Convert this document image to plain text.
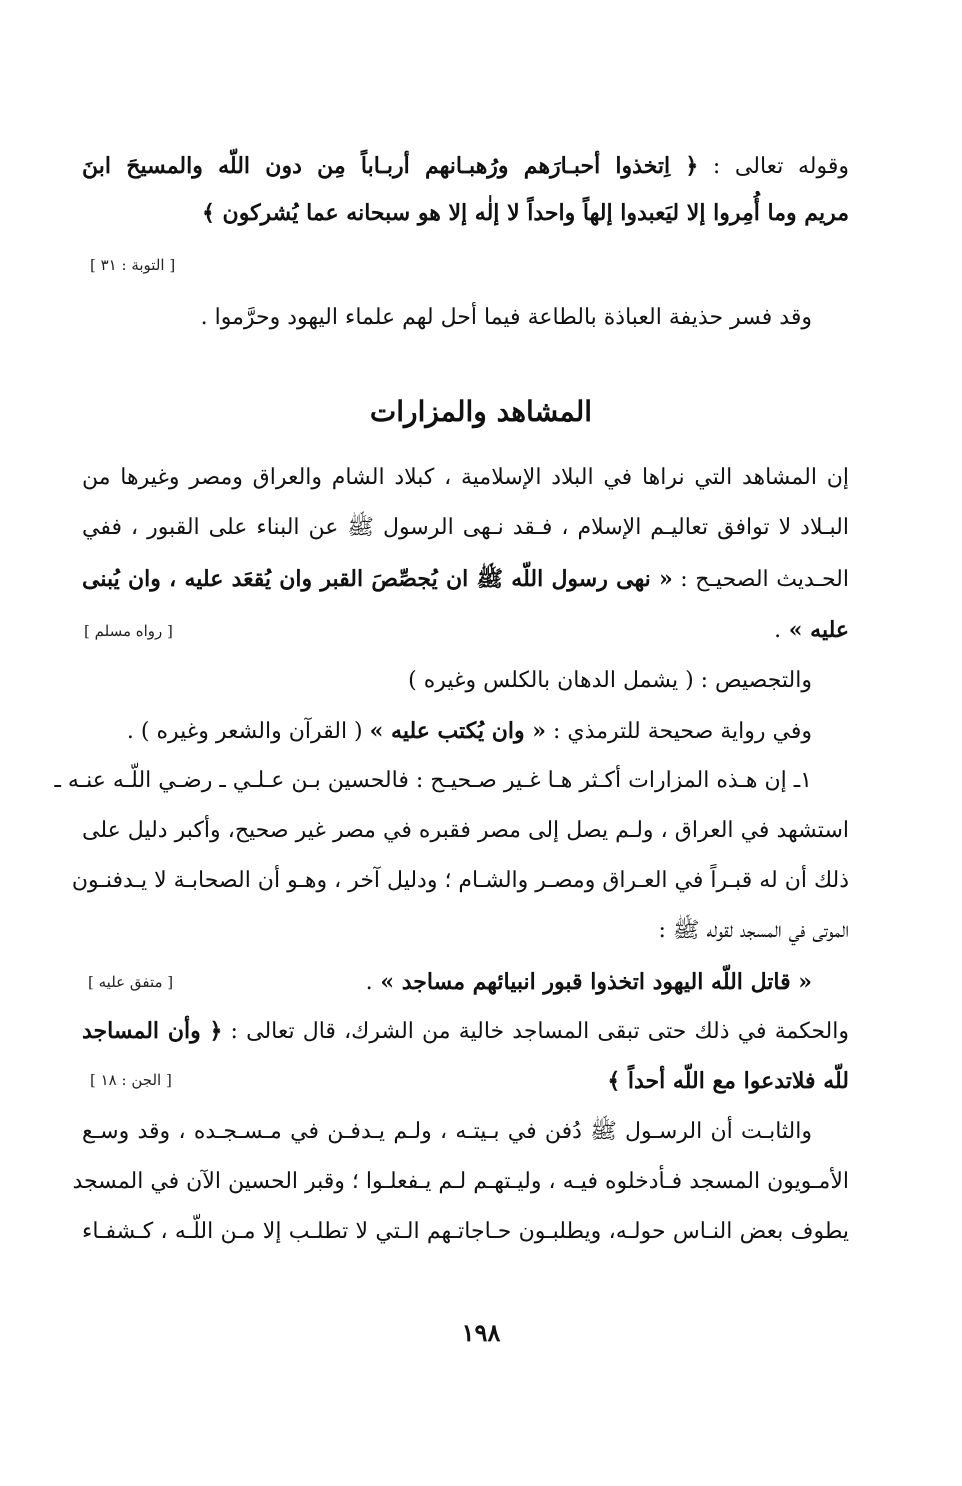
وقوله تعالى : ﴿ اِتخذوا أحبـارَهم ورُهبـانهم أربـاباً مِن دون اللّه والمسيحَ ابنَ
مريم وما أُمِروا إلا ليَعبدوا إلهاً واحداً لا إلٰه إلا هو سبحانه عما يُشركون ﴾
[ التوبة : ٣١ ]
وقد فسر حذيفة العباذة بالطاعة فيما أحل لهم علماء اليهود وحرَّموا .
المشاهد والمزارات
إن المشاهد التي نراها في البلاد الإسلامية ، كبلاد الشام والعراق ومصر وغيرها من
البـلاد لا توافق تعاليـم الإسلام ، فـقد نـهى الرسول ﷺ عن البناء على القبور ، ففي
الحـديث الصحيـح : « نهى رسول اللّه ﷺ ان يُجصِّصَ القبر وان يُقعَد عليه ، وان يُبنى
عليه » .
[ رواه مسلم ]
والتجصيص : ( يشمل الدهان بالكلس وغيره )
وفي رواية صحيحة للترمذي : « وان يُكتب عليه » ( القرآن والشعر وغيره ) .
١ـ إن هـذه المزارات أكـثر هـا غـير صـحيـح : فالحسين بـن عـلـي ـ رضـي اللّـه عنـه ـ
استشهد في العراق ، ولـم يصل إلى مصر فقبره في مصر غير صحيح، وأكبر دليل على
ذلك أن له قبـراً في العـراق ومصـر والشـام ؛ ودليل آخر ، وهـو أن الصحابـة لا يـدفنـون
الموتى في المسجد لقوله ﷺ :
« قاتل اللّه اليهود اتخذوا قبور انبيائهم مساجد » .
[ متفق عليه ]
والحكمة في ذلك حتى تبقى المساجد خالية من الشرك، قال تعالى : ﴿ وأن المساجد
للّه فلاتدعوا مع اللّه أحداً ﴾
[ الجن : ١٨ ]
والثابـت أن الرسـول ﷺ دُفن في بـيتـه ، ولـم يـدفـن في مـسـجـده ، وقد وسـع
الأمـويون المسجد فـأدخلوه فيـه ، وليـتهـم لـم يـفعلـوا ؛ وقبر الحسين الآن في المسجد
يطوف بعض النـاس حولـه، ويطلبـون حـاجاتـهم الـتي لا تطلـب إلا مـن اللّـه ، كـشفـاء
١٩٨
